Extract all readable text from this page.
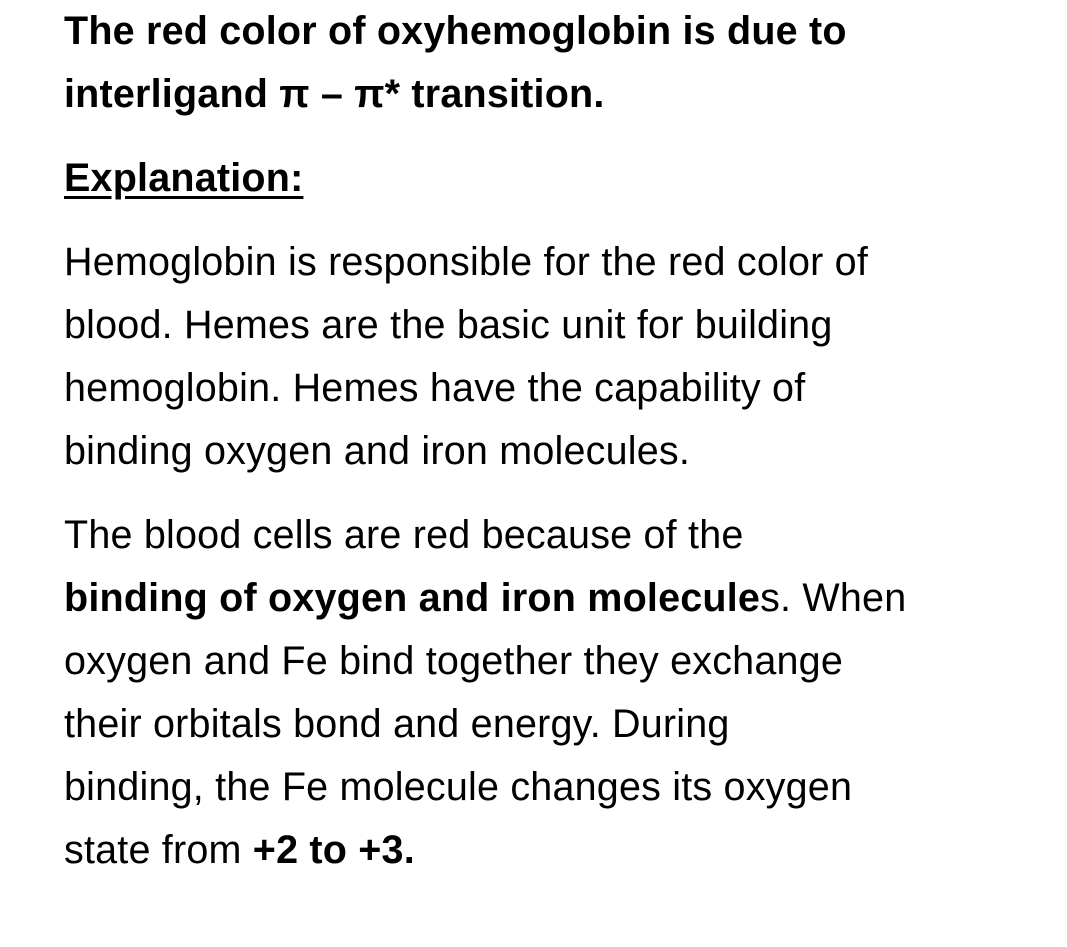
The red color of oxyhemoglobin is due to
interligand π – π* transition.

Explanation:

Hemoglobin is responsible for the red color of
blood. Hemes are the basic unit for building
hemoglobin. Hemes have the capability of
binding oxygen and iron molecules.

The blood cells are red because of the
binding of oxygen and iron molecules. When
oxygen and Fe bind together they exchange
their orbitals bond and energy. During
binding, the Fe molecule changes its oxygen
state from +2 to +3.
